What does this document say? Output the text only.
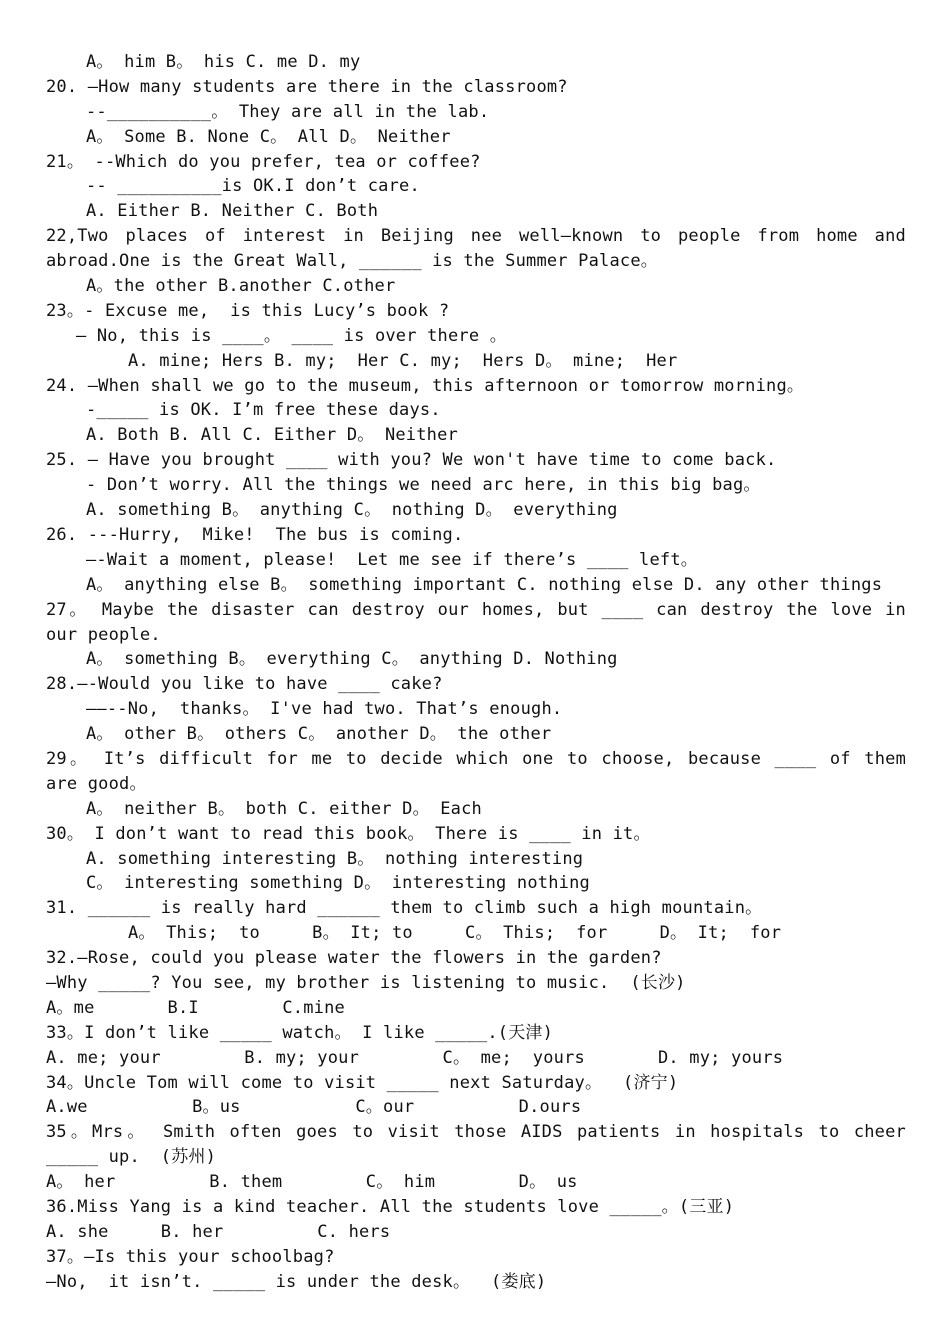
A。 him B。 his C. me D. my
20. –How many students are there in the classroom?
--__________。 They are all in the lab.
A。 Some B. None C。 All D。 Neither
21。 --Which do you prefer, tea or coffee?
-- __________is OK.I don’t care.
A. Either B. Neither C. Both
22,Two places of interest in Beijing nee well—known to people from home and
abroad.One is the Great Wall, ______ is the Summer Palace。
A。the other B.another C.other
23。- Excuse me,  is this Lucy’s book ?
— No, this is ____。 ____ is over there 。
A. mine; Hers B. my;  Her C. my;  Hers D。 mine;  Her
24. —When shall we go to the museum, this afternoon or tomorrow morning。
-_____ is OK. I’m free these days.
A. Both B. All C. Either D。 Neither
25. — Have you brought ____ with you? We won't have time to come back.
- Don’t worry. All the things we need arc here, in this big bag。
A. something B。 anything C。 nothing D。 everything
26. ---Hurry,  Mike!  The bus is coming.
—-Wait a moment, please!  Let me see if there’s ____ left。
A。 anything else B。 something important C. nothing else D. any other things
27。 Maybe the disaster can destroy our homes, but ____ can destroy the love in
our people.
A。 something B。 everything C。 anything D. Nothing
28.—-Would you like to have ____ cake?
——--No,  thanks。 I've had two. That’s enough.
A。 other B。 others C。 another D。 the other
29。 It’s difficult for me to decide which one to choose, because ____ of them
are good。
A。 neither B。 both C. either D。 Each
30。 I don’t want to read this book。 There is ____ in it。
A. something interesting B。 nothing interesting
C。 interesting something D。 interesting nothing
31. ______ is really hard ______ them to climb such a high mountain。
A。 This;  to     B。 It; to     C。 This;  for     D。 It;  for
32.—Rose, could you please water the flowers in the garden?
—Why _____? You see, my brother is listening to music.  (长沙)
A。me       B.I        C.mine
33。I don’t like _____ watch。 I like _____.(天津)
A. me; your        B. my; your        C。 me;  yours       D. my; yours
34。Uncle Tom will come to visit _____ next Saturday。  (济宁)
A.we          B。us           C。our          D.ours
35。Mrs。 Smith often goes to visit those AIDS patients in hospitals to cheer
_____ up.  (苏州)
A。 her         B. them        C。 him        D。 us
36.Miss Yang is a kind teacher. All the students love _____。(三亚)
A. she     B. her         C. hers
37。—Is this your schoolbag?
—No,  it isn’t. _____ is under the desk。  (娄底)
